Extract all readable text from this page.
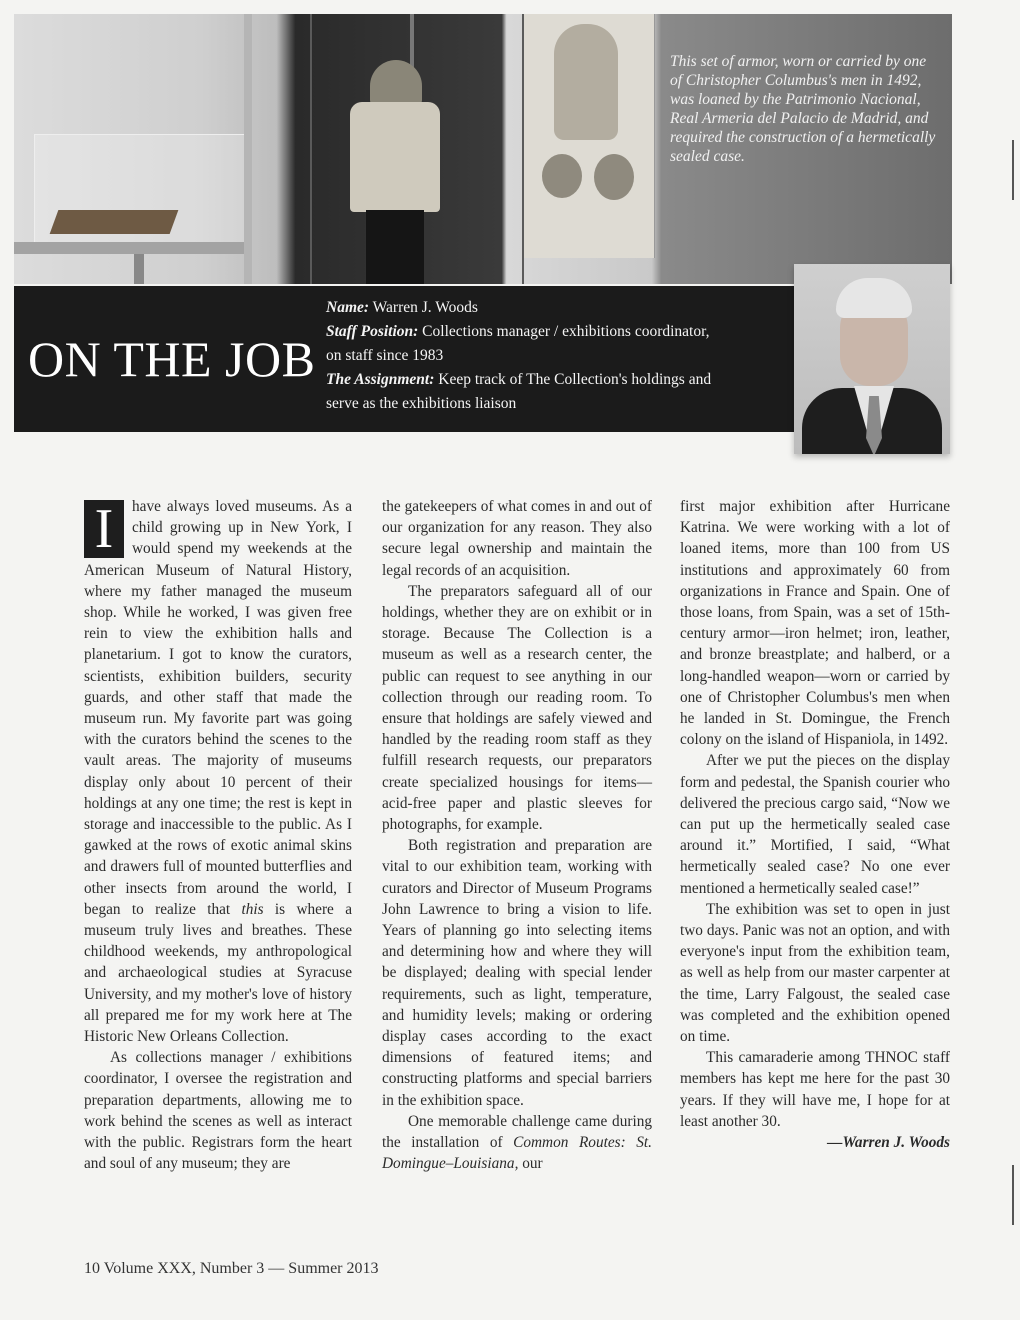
This set of armor, worn or carried by one of Christopher Columbus's men in 1492, was loaned by the Patrimonio Nacional, Real Armeria del Palacio de Madrid, and required the construction of a hermetically sealed case.
ON THE JOB
Name: Warren J. Woods
Staff Position: Collections manager / exhibitions coordinator,
on staff since 1983
The Assignment: Keep track of The Collection's holdings and
serve as the exhibitions liaison

I	have always loved museums. As a child growing up in New York, I would spend my weekends at the American Museum of Natural History, where my father managed the museum shop. While he worked, I was given free rein to view the exhibition halls and planetarium. I got to know the curators, scientists, exhibition builders, security guards, and other staff that made the museum run. My favorite part was going with the curators behind the scenes to the vault areas. The majority of museums display only about 10 percent of their holdings at any one time; the rest is kept in storage and inaccessible to the public. As I gawked at the rows of exotic animal skins and drawers full of mounted butterflies and other insects from around the world, I began to realize that this is where a museum truly lives and breathes. These childhood weekends, my anthropological and archaeological studies at Syracuse University, and my mother's love of history all prepared me for my work here at The Historic New Orleans Collection.

As collections manager / exhibitions coordinator, I oversee the registration and preparation departments, allowing me to work behind the scenes as well as interact with the public. Registrars form the heart and soul of any museum; they are

the gatekeepers of what comes in and out of our organization for any reason. They also secure legal ownership and maintain the legal records of an acquisition.

The preparators safeguard all of our holdings, whether they are on exhibit or in storage. Because The Collection is a museum as well as a research center, the public can request to see anything in our collection through our reading room. To ensure that holdings are safely viewed and handled by the reading room staff as they fulfill research requests, our preparators create specialized housings for items—acid-free paper and plastic sleeves for photographs, for example.

Both registration and preparation are vital to our exhibition team, working with curators and Director of Museum Programs John Lawrence to bring a vision to life. Years of planning go into selecting items and determining how and where they will be displayed; dealing with special lender requirements, such as light, temperature, and humidity levels; making or ordering display cases according to the exact dimensions of featured items; and constructing platforms and special barriers in the exhibition space.

One memorable challenge came during the installation of Common Routes: St. Domingue–Louisiana, our

first major exhibition after Hurricane Katrina. We were working with a lot of loaned items, more than 100 from US institutions and approximately 60 from organizations in France and Spain. One of those loans, from Spain, was a set of 15th-century armor—iron helmet; iron, leather, and bronze breastplate; and halberd, or a long-handled weapon—worn or carried by one of Christopher Columbus's men when he landed in St. Domingue, the French colony on the island of Hispaniola, in 1492.

After we put the pieces on the display form and pedestal, the Spanish courier who delivered the precious cargo said, “Now we can put up the hermetically sealed case around it.” Mortified, I said, “What hermetically sealed case? No one ever mentioned a hermetically sealed case!”

The exhibition was set to open in just two days. Panic was not an option, and with everyone's input from the exhibition team, as well as help from our master carpenter at the time, Larry Falgoust, the sealed case was completed and the exhibition opened on time.

This camaraderie among THNOC staff members has kept me here for the past 30 years. If they will have me, I hope for at least another 30.

—Warren J. Woods
10 Volume XXX, Number 3 — Summer 2013
